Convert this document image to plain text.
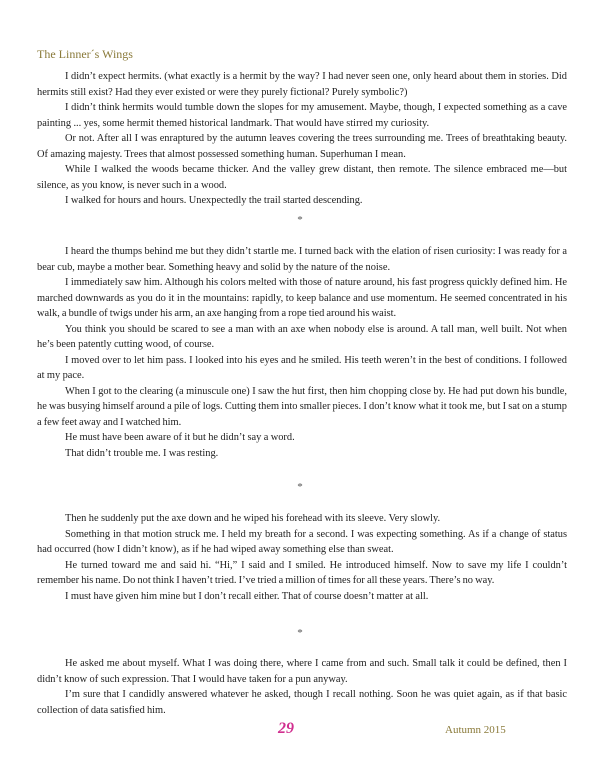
The Linner´s Wings

I didn’t expect hermits. (what exactly is a hermit by the way? I had never seen one, only heard about them in stories. Did hermits still exist? Had they ever existed or were they purely fictional? Purely symbolic?)

I didn’t think hermits would tumble down the slopes for my amusement. Maybe, though, I expected something as a cave painting ... yes, some hermit themed historical landmark. That would have stirred my curiosity.

Or not. After all I was enraptured by the autumn leaves covering the trees surrounding me. Trees of breathtaking beauty. Of amazing majesty. Trees that almost possessed something human. Superhuman I mean.

While I walked the woods became thicker. And the valley grew distant, then remote. The silence embraced me—but silence, as you know, is never such in a wood.

I walked for hours and hours. Unexpectedly the trail started descending.

*

I heard the thumps behind me but they didn’t startle me. I turned back with the elation of risen curiosity: I was ready for a bear cub, maybe a mother bear. Something heavy and solid by the nature of the noise.

I immediately saw him. Although his colors melted with those of nature around, his fast progress quickly defined him. He marched downwards as you do it in the mountains: rapidly, to keep balance and use momentum. He seemed concentrated in his walk, a bundle of twigs under his arm, an axe hanging from a rope tied around his waist.

You think you should be scared to see a man with an axe when nobody else is around. A tall man, well built. Not when he’s been patently cutting wood, of course.

I moved over to let him pass. I looked into his eyes and he smiled. His teeth weren’t in the best of conditions. I followed at my pace.

When I got to the clearing (a minuscule one) I saw the hut first, then him chopping close by. He had put down his bundle, he was busying himself around a pile of logs. Cutting them into smaller pieces. I don’t know what it took me, but I sat on a stump a few feet away and I watched him.

He must have been aware of it but he didn’t say a word.

That didn’t trouble me. I was resting.

*

Then he suddenly put the axe down and he wiped his forehead with its sleeve. Very slowly.

Something in that motion struck me. I held my breath for a second. I was expecting something. As if a change of status had occurred (how I didn’t know), as if he had wiped away something else than sweat.

He turned toward me and said hi. “Hi,” I said and I smiled. He introduced himself. Now to save my life I couldn’t remember his name. Do not think I haven’t tried. I’ve tried a million of times for all these years. There’s no way.

I must have given him mine but I don’t recall either. That of course doesn’t matter at all.

*

He asked me about myself. What I was doing there, where I came from and such. Small talk it could be defined, then I didn’t know of such expression. That I would have taken for a pun anyway.

I’m sure that I candidly answered whatever he asked, though I recall nothing. Soon he was quiet again, as if that basic collection of data satisfied him.

29	Autumn 2015
